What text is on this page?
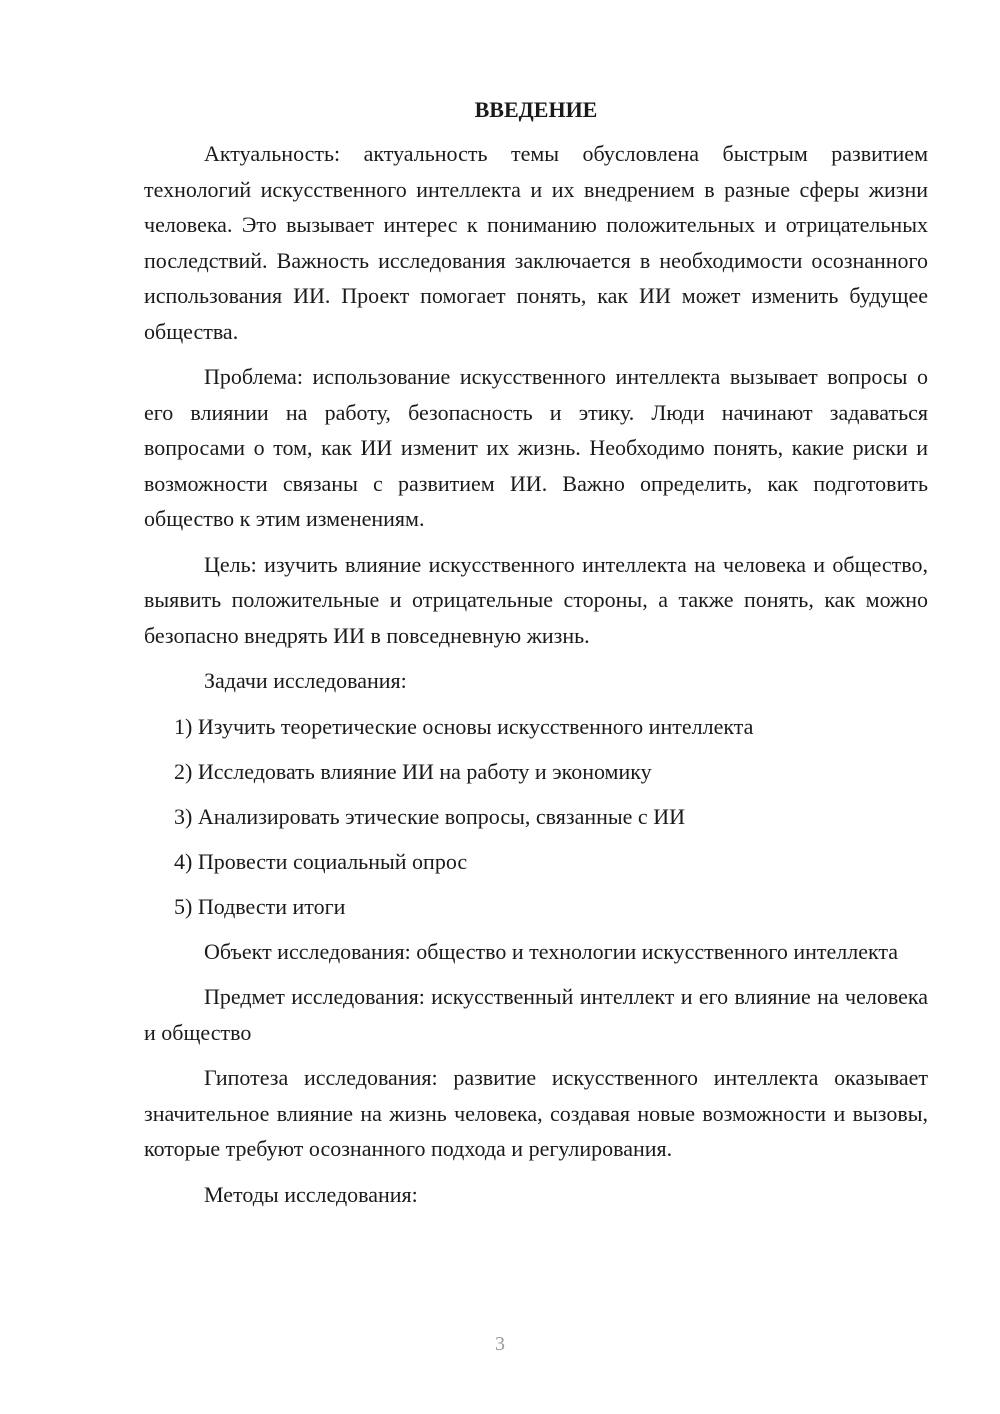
ВВЕДЕНИЕ

Актуальность: актуальность темы обусловлена быстрым развитием технологий искусственного интеллекта и их внедрением в разные сферы жизни человека. Это вызывает интерес к пониманию положительных и отрицательных последствий. Важность исследования заключается в необходимости осознанного использования ИИ. Проект помогает понять, как ИИ может изменить будущее общества.

Проблема: использование искусственного интеллекта вызывает вопросы о его влиянии на работу, безопасность и этику. Люди начинают задаваться вопросами о том, как ИИ изменит их жизнь. Необходимо понять, какие риски и возможности связаны с развитием ИИ. Важно определить, как подготовить общество к этим изменениям.

Цель: изучить влияние искусственного интеллекта на человека и общество, выявить положительные и отрицательные стороны, а также понять, как можно безопасно внедрять ИИ в повседневную жизнь.

Задачи исследования:

1) Изучить теоретические основы искусственного интеллекта
2) Исследовать влияние ИИ на работу и экономику
3) Анализировать этические вопросы, связанные с ИИ
4) Провести социальный опрос
5) Подвести итоги

Объект исследования: общество и технологии искусственного интеллекта

Предмет исследования: искусственный интеллект и его влияние на человека и общество

Гипотеза исследования: развитие искусственного интеллекта оказывает значительное влияние на жизнь человека, создавая новые возможности и вызовы, которые требуют осознанного подхода и регулирования.

Методы исследования:

3
